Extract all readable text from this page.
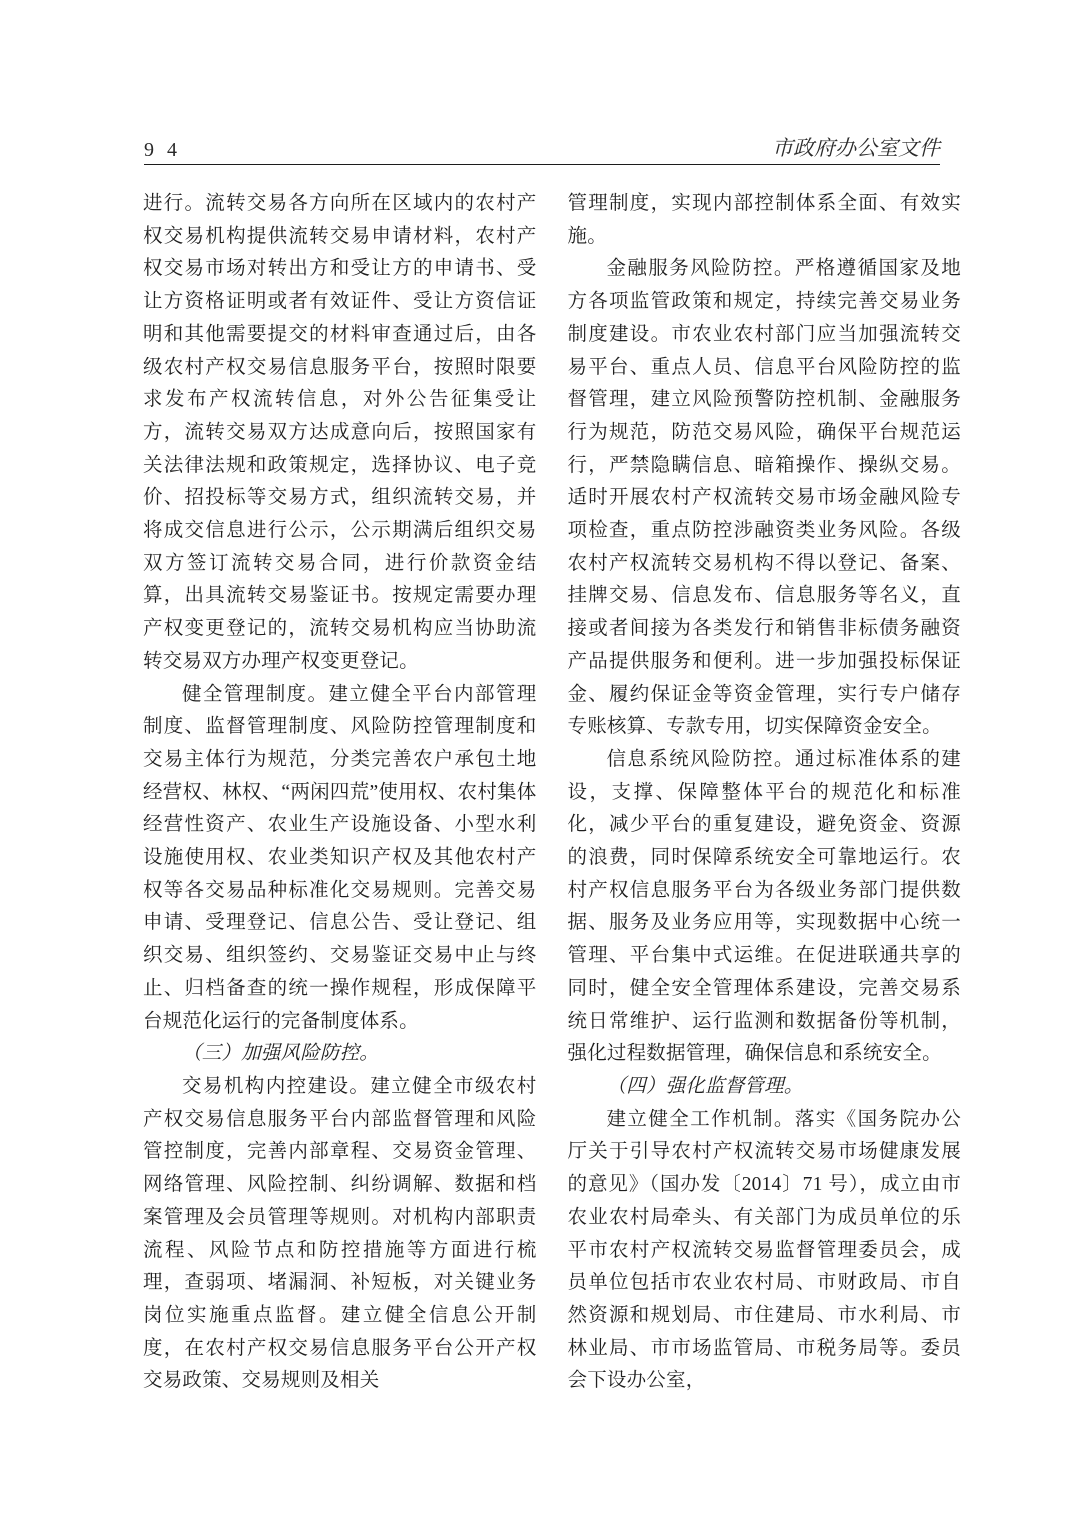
9 4	市政府办公室文件

进行。流转交易各方向所在区域内的农村产权交易机构提供流转交易申请材料，农村产权交易市场对转出方和受让方的申请书、受让方资格证明或者有效证件、受让方资信证明和其他需要提交的材料审查通过后，由各级农村产权交易信息服务平台，按照时限要求发布产权流转信息，对外公告征集受让方，流转交易双方达成意向后，按照国家有关法律法规和政策规定，选择协议、电子竞价、招投标等交易方式，组织流转交易，并将成交信息进行公示，公示期满后组织交易双方签订流转交易合同，进行价款资金结算，出具流转交易鉴证书。按规定需要办理产权变更登记的，流转交易机构应当协助流转交易双方办理产权变更登记。

健全管理制度。建立健全平台内部管理制度、监督管理制度、风险防控管理制度和交易主体行为规范，分类完善农户承包土地经营权、林权、“两闲四荒”使用权、农村集体经营性资产、农业生产设施设备、小型水利设施使用权、农业类知识产权及其他农村产权等各交易品种标准化交易规则。完善交易申请、受理登记、信息公告、受让登记、组织交易、组织签约、交易鉴证交易中止与终止、归档备查的统一操作规程，形成保障平台规范化运行的完备制度体系。

（三）加强风险防控。

交易机构内控建设。建立健全市级农村产权交易信息服务平台内部监督管理和风险管控制度，完善内部章程、交易资金管理、网络管理、风险控制、纠纷调解、数据和档案管理及会员管理等规则。对机构内部职责流程、风险节点和防控措施等方面进行梳理，查弱项、堵漏洞、补短板，对关键业务岗位实施重点监督。建立健全信息公开制度，在农村产权交易信息服务平台公开产权交易政策、交易规则及相关

管理制度，实现内部控制体系全面、有效实施。

金融服务风险防控。严格遵循国家及地方各项监管政策和规定，持续完善交易业务制度建设。市农业农村部门应当加强流转交易平台、重点人员、信息平台风险防控的监督管理，建立风险预警防控机制、金融服务行为规范，防范交易风险，确保平台规范运行，严禁隐瞒信息、暗箱操作、操纵交易。适时开展农村产权流转交易市场金融风险专项检查，重点防控涉融资类业务风险。各级农村产权流转交易机构不得以登记、备案、挂牌交易、信息发布、信息服务等名义，直接或者间接为各类发行和销售非标债务融资产品提供服务和便利。进一步加强投标保证金、履约保证金等资金管理，实行专户储存专账核算、专款专用，切实保障资金安全。

信息系统风险防控。通过标准体系的建设，支撑、保障整体平台的规范化和标准化，减少平台的重复建设，避免资金、资源的浪费，同时保障系统安全可靠地运行。农村产权信息服务平台为各级业务部门提供数据、服务及业务应用等，实现数据中心统一管理、平台集中式运维。在促进联通共享的同时，健全安全管理体系建设，完善交易系统日常维护、运行监测和数据备份等机制，强化过程数据管理，确保信息和系统安全。

（四）强化监督管理。

建立健全工作机制。落实《国务院办公厅关于引导农村产权流转交易市场健康发展的意见》（国办发〔2014〕71 号），成立由市农业农村局牵头、有关部门为成员单位的乐平市农村产权流转交易监督管理委员会，成员单位包括市农业农村局、市财政局、市自然资源和规划局、市住建局、市水利局、市林业局、市市场监管局、市税务局等。委员会下设办公室，
